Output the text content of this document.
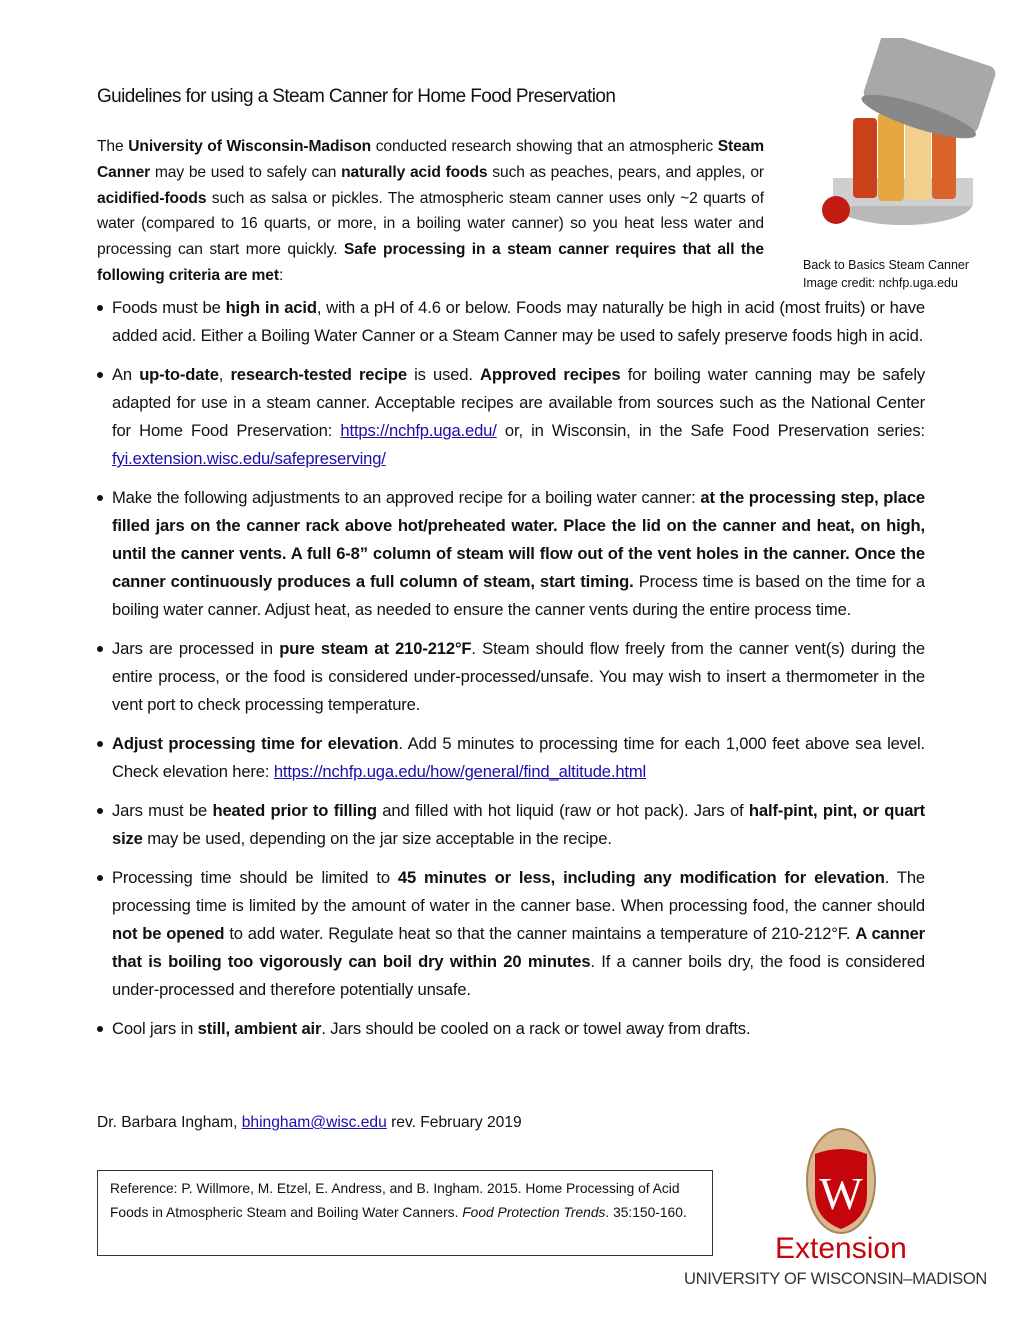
Guidelines for using a Steam Canner for Home Food Preservation
The University of Wisconsin-Madison conducted research showing that an atmospheric Steam Canner may be used to safely can naturally acid foods such as peaches, pears, and apples, or acidified-foods such as salsa or pickles. The atmospheric steam canner uses only ~2 quarts of water (compared to 16 quarts, or more, in a boiling water canner) so you heat less water and processing can start more quickly. Safe processing in a steam canner requires that all the following criteria are met:
Back to Basics Steam Canner
Image credit: nchfp.uga.edu
Foods must be high in acid, with a pH of 4.6 or below. Foods may naturally be high in acid (most fruits) or have added acid. Either a Boiling Water Canner or a Steam Canner may be used to safely preserve foods high in acid.
An up-to-date, research-tested recipe is used. Approved recipes for boiling water canning may be safely adapted for use in a steam canner. Acceptable recipes are available from sources such as the National Center for Home Food Preservation: https://nchfp.uga.edu/ or, in Wisconsin, in the Safe Food Preservation series: fyi.extension.wisc.edu/safepreserving/
Make the following adjustments to an approved recipe for a boiling water canner: at the processing step, place filled jars on the canner rack above hot/preheated water. Place the lid on the canner and heat, on high, until the canner vents. A full 6-8” column of steam will flow out of the vent holes in the canner. Once the canner continuously produces a full column of steam, start timing. Process time is based on the time for a boiling water canner. Adjust heat, as needed to ensure the canner vents during the entire process time.
Jars are processed in pure steam at 210-212°F. Steam should flow freely from the canner vent(s) during the entire process, or the food is considered under-processed/unsafe. You may wish to insert a thermometer in the vent port to check processing temperature.
Adjust processing time for elevation. Add 5 minutes to processing time for each 1,000 feet above sea level. Check elevation here: https://nchfp.uga.edu/how/general/find_altitude.html
Jars must be heated prior to filling and filled with hot liquid (raw or hot pack). Jars of half-pint, pint, or quart size may be used, depending on the jar size acceptable in the recipe.
Processing time should be limited to 45 minutes or less, including any modification for elevation. The processing time is limited by the amount of water in the canner base. When processing food, the canner should not be opened to add water. Regulate heat so that the canner maintains a temperature of 210-212°F. A canner that is boiling too vigorously can boil dry within 20 minutes. If a canner boils dry, the food is considered under-processed and therefore potentially unsafe.
Cool jars in still, ambient air. Jars should be cooled on a rack or towel away from drafts.
Dr. Barbara Ingham, bhingham@wisc.edu rev. February 2019
Reference: P. Willmore, M. Etzel, E. Andress, and B. Ingham. 2015. Home Processing of Acid Foods in Atmospheric Steam and Boiling Water Canners. Food Protection Trends. 35:150-160.	W
Extension
UNIVERSITY OF WISCONSIN–MADISON
